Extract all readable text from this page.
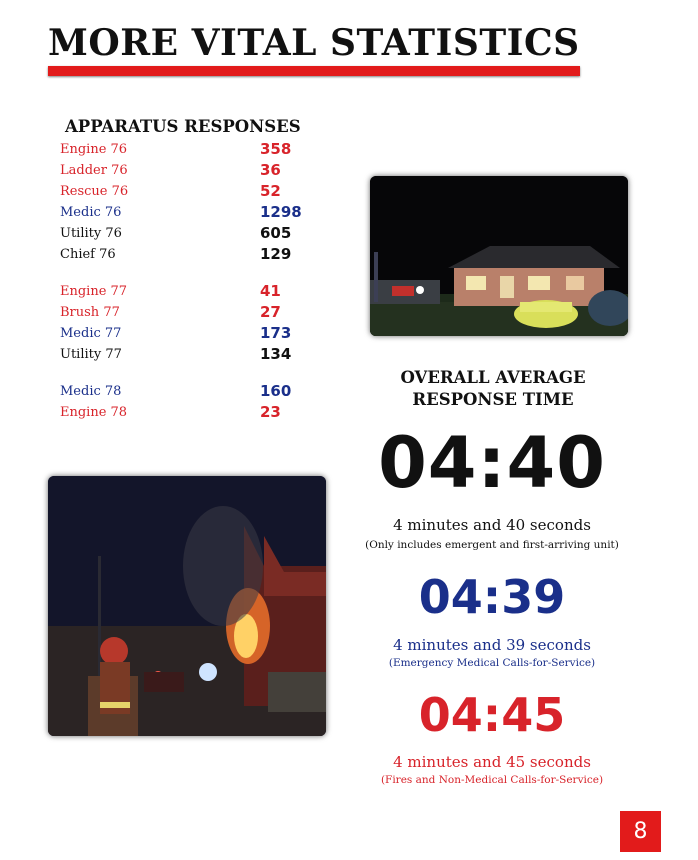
MORE VITAL STATISTICS
APPARATUS RESPONSES
Engine 76	358
Ladder 76	36
Rescue 76	52
Medic 76	1298
Utility 76	605
Chief 76	129
Engine 77	41
Brush 77	27
Medic 77	173
Utility 77	134
Medic 78	160
Engine 78	23
OVERALL AVERAGE
RESPONSE TIME
04:40
4 minutes and 40 seconds
(Only includes emergent and first-arriving unit)
04:39
4 minutes and 39 seconds
(Emergency Medical Calls-for-Service)
04:45
4 minutes and 45 seconds
(Fires and Non-Medical Calls-for-Service)
8
